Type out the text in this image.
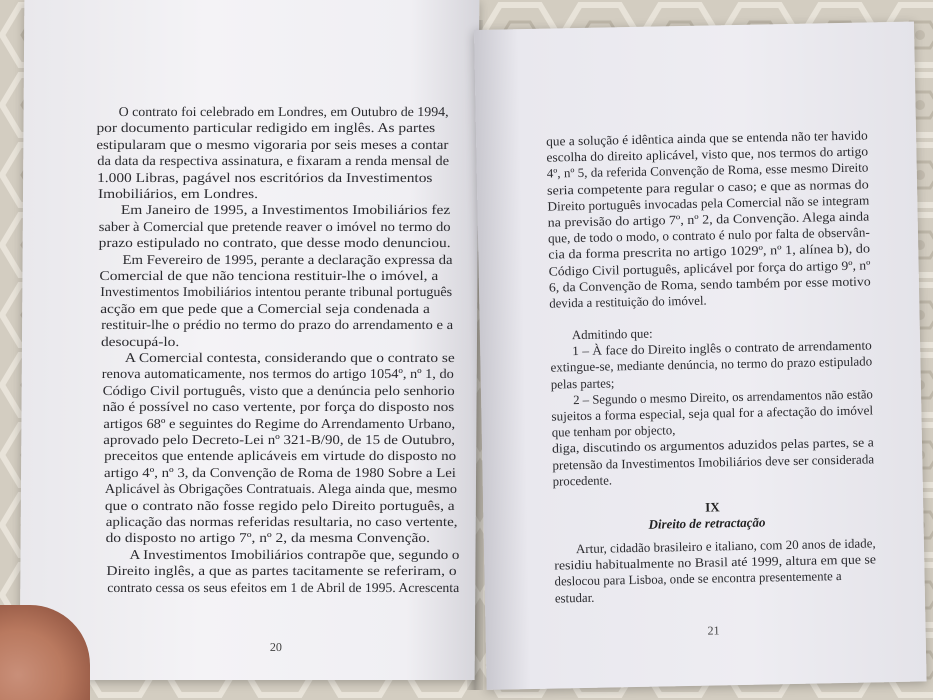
O contrato foi celebrado em Londres, em Outubro de 1994,
por documento particular redigido em inglês. As partes
estipularam que o mesmo vigoraria por seis meses a contar
da data da respectiva assinatura, e fixaram a renda mensal de
1.000 Libras, pagável nos escritórios da Investimentos
Imobiliários, em Londres.
Em Janeiro de 1995, a Investimentos Imobiliários fez
saber à Comercial que pretende reaver o imóvel no termo do
prazo estipulado no contrato, que desse modo denunciou.
Em Fevereiro de 1995, perante a declaração expressa da
Comercial de que não tenciona restituir-lhe o imóvel, a
Investimentos Imobiliários intentou perante tribunal português
acção em que pede que a Comercial seja condenada a
restituir-lhe o prédio no termo do prazo do arrendamento e a
desocupá-lo.
A Comercial contesta, considerando que o contrato se
renova automaticamente, nos termos do artigo 1054º, nº 1, do
Código Civil português, visto que a denúncia pelo senhorio
não é possível no caso vertente, por força do disposto nos
artigos 68º e seguintes do Regime do Arrendamento Urbano,
aprovado pelo Decreto-Lei nº 321-B/90, de 15 de Outubro,
preceitos que entende aplicáveis em virtude do disposto no
artigo 4º, nº 3, da Convenção de Roma de 1980 Sobre a Lei
Aplicável às Obrigações Contratuais. Alega ainda que, mesmo
que o contrato não fosse regido pelo Direito português, a
aplicação das normas referidas resultaria, no caso vertente,
do disposto no artigo 7º, nº 2, da mesma Convenção.
A Investimentos Imobiliários contrapõe que, segundo o
Direito inglês, a que as partes tacitamente se referiram, o
contrato cessa os seus efeitos em 1 de Abril de 1995. Acrescenta
20
que a solução é idêntica ainda que se entenda não ter havido
escolha do direito aplicável, visto que, nos termos do artigo
4º, nº 5, da referida Convenção de Roma, esse mesmo Direito
seria competente para regular o caso; e que as normas do
Direito português invocadas pela Comercial não se integram
na previsão do artigo 7º, nº 2, da Convenção. Alega ainda
que, de todo o modo, o contrato é nulo por falta de observân-
cia da forma prescrita no artigo 1029º, nº 1, alínea b), do
Código Civil português, aplicável por força do artigo 9º, nº
6, da Convenção de Roma, sendo também por esse motivo
devida a restituição do imóvel.
Admitindo que:
1 – À face do Direito inglês o contrato de arrendamento
extingue-se, mediante denúncia, no termo do prazo estipulado
pelas partes;
2 – Segundo o mesmo Direito, os arrendamentos não estão
sujeitos a forma especial, seja qual for a afectação do imóvel
que tenham por objecto,
diga, discutindo os argumentos aduzidos pelas partes, se a
pretensão da Investimentos Imobiliários deve ser considerada
procedente.
Artur, cidadão brasileiro e italiano, com 20 anos de idade,
residiu habitualmente no Brasil até 1999, altura em que se
deslocou para Lisboa, onde se encontra presentemente a
estudar.
IX
Direito de retractação
21
